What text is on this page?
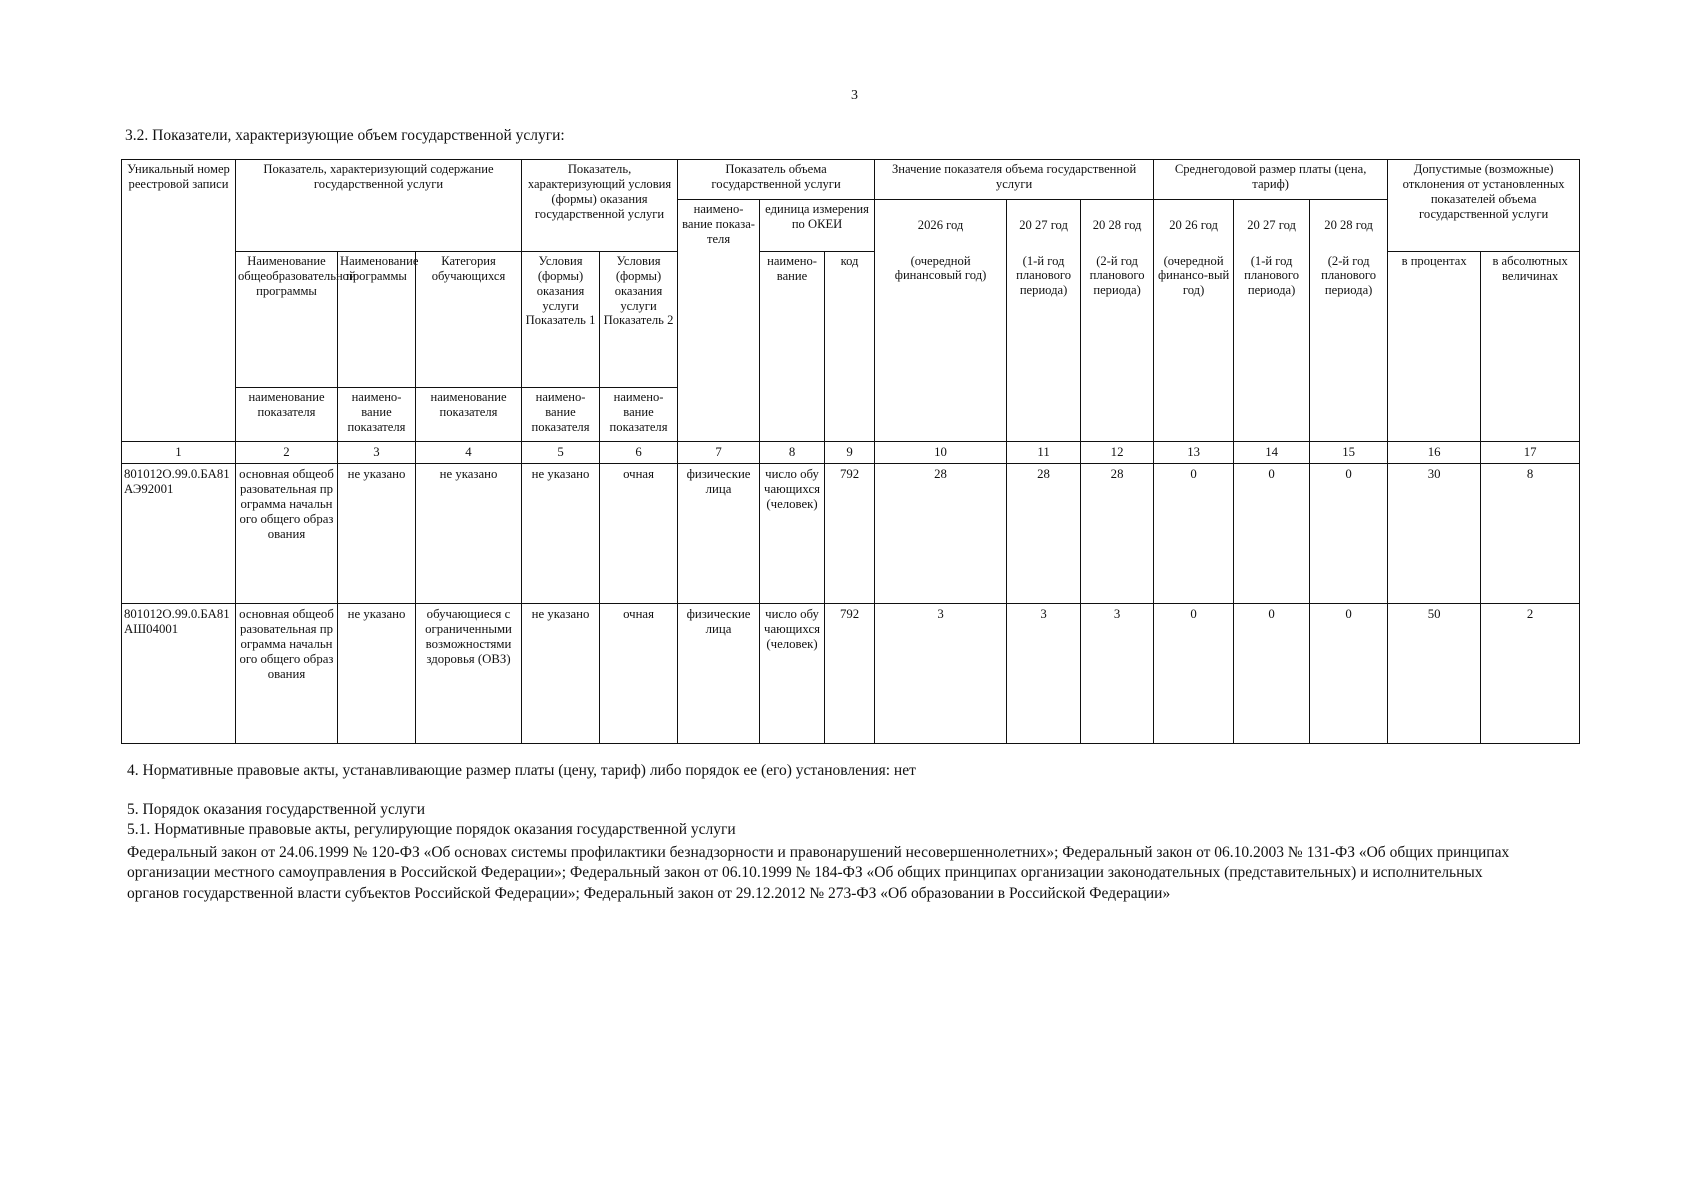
3
3.2. Показатели, характеризующие объем государственной услуги:
Уникальный номер реестровой записи	Показатель, характеризующий содержание государственной услуги			Показатель, характеризующий условия (формы) оказания государственной услуги		Показатель объема государственной услуги			Значение показателя объема государственной услуги			Среднегодовой размер платы (цена, тариф)			Допустимые (возможные) отклонения от установленных показателей объема государственной услуги	
						наимено-вание показа-теля	единица измерения по ОКЕИ		2026 год	20 27 год	20 28 год	20 26 год	20 27 год	20 28 год		
	Наименование общеобразовательной программы	Наименование программы	Категория обучающихся	Условия (формы) оказания услуги Показатель 1	Условия (формы) оказания услуги Показатель 2		наимено-вание	код	(очередной финансовый год)	(1-й год планового периода)	(2-й год планового периода)	(очередной финансо-вый год)	(1-й год планового периода)	(2-й год планового периода)	в процентах	в абсолютных величинах
	наименование показателя	наимено-вание показателя	наименование показателя	наимено-вание показателя	наимено-вание показателя											
1	2	3	4	5	6	7	8	9	10	11	12	13	14	15	16	17
801012О.99.0.БА81АЭ92001	основная общеобразовательная программа начального общего образования	не указано	не указано	не указано	очная	физические лица	число обучающихся (человек)	792	28	28	28	0	0	0	30	8
801012О.99.0.БА81АШ04001	основная общеобразовательная программа начального общего образования	не указано	обучающиеся с ограниченными возможностями здоровья (ОВЗ)	не указано	очная	физические лица	число обучающихся (человек)	792	3	3	3	0	0	0	50	2
4. Нормативные правовые акты, устанавливающие размер платы (цену, тариф) либо порядок ее (его) установления: нет
5. Порядок оказания государственной услуги
5.1. Нормативные правовые акты, регулирующие порядок оказания государственной услуги
Федеральный закон от 24.06.1999 № 120-ФЗ «Об основах системы профилактики безнадзорности и правонарушений несовершеннолетних»; Федеральный закон от 06.10.2003 № 131-ФЗ «Об общих принципах организации местного самоуправления в Российской Федерации»; Федеральный закон от 06.10.1999 № 184-ФЗ «Об общих принципах организации законодательных (представительных) и исполнительных органов государственной власти субъектов Российской Федерации»; Федеральный закон от 29.12.2012 № 273-ФЗ «Об образовании в Российской Федерации»
